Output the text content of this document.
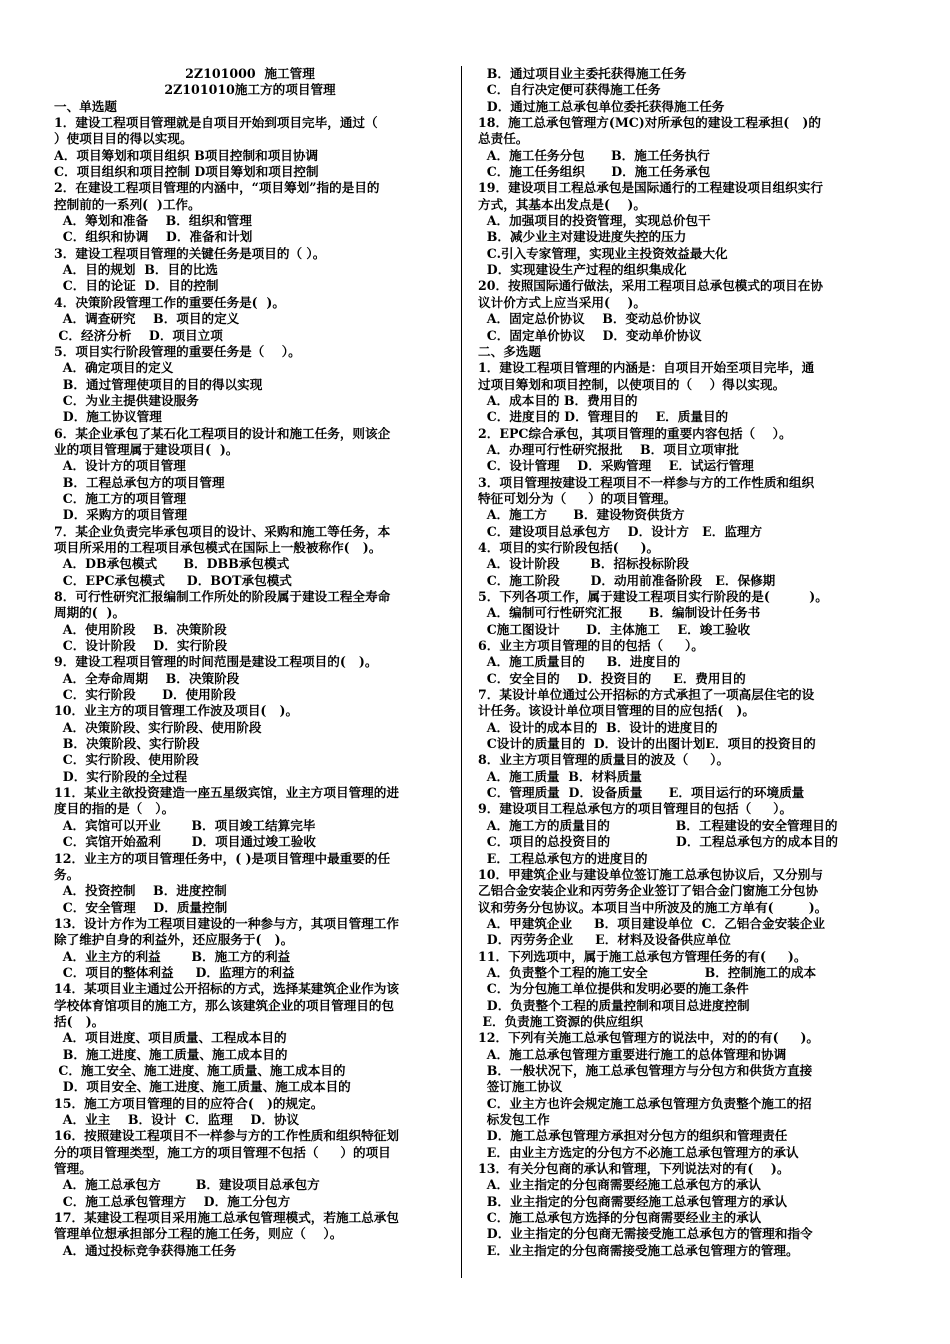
2Z101000  施工管理
2Z101010施工方的项目管理
一、单选题
1．建设工程项目管理就是自项目开始到项目完毕，通过（
）使项目目的得以实现。
A．项目筹划和项目组织 B项目控制和项目协调
C．项目组织和项目控制 D项目筹划和项目控制
2．在建设工程项目管理的内涵中，“项目筹划”指的是目的
控制前的一系列(  )工作。
A．筹划和准备    B．组织和管理
C．组织和协调    D．准备和计划
3．建设工程项目管理的关键任务是项目的（ ）。
A．目的规划  B．目的比选
C．目的论证  D．目的控制
4．决策阶段管理工作的重要任务是(  )。
A．调查研究    B．项目的定义
C．经济分析    D．项目立项
5．项目实行阶段管理的重要任务是（    ）。
A．确定项目的定义
B．通过管理使项目的目的得以实现
C．为业主提供建设服务
D．施工协议管理
6．某企业承包了某石化工程项目的设计和施工任务，则该企
业的项目管理属于建设项目(  )。
A．设计方的项目管理
B．工程总承包方的项目管理
C．施工方的项目管理
D．采购方的项目管理
7．某企业负责完毕承包项目的设计、采购和施工等任务，本
项目所采用的工程项目承包模式在国际上一般被称作(   )。
A．DB承包模式      B．DBB承包模式
C．EPC承包模式     D．BOT承包模式
8．可行性研究汇报编制工作所处的阶段属于建设工程全寿命
周期的(  )。
A．使用阶段    B．决策阶段
C．设计阶段    D．实行阶段
9．建设工程项目管理的时间范围是建设工程项目的(   )。
A．全寿命周期    B．决策阶段
C．实行阶段      D．使用阶段
10．业主方的项目管理工作波及项目(   )。
A．决策阶段、实行阶段、使用阶段
B．决策阶段、实行阶段
C．实行阶段、使用阶段
D．实行阶段的全过程
11．某业主欲投资建造一座五星级宾馆，业主方项目管理的进
度目的指的是（   ）。
A．宾馆可以开业       B．项目竣工结算完毕
C．宾馆开始盈利       D．项目通过竣工验收
12．业主方的项目管理任务中，( )是项目管理中最重要的任
务。
A．投资控制    B．进度控制
C．安全管理    D．质量控制
13．设计方作为工程项目建设的一种参与方，其项目管理工作
除了维护自身的利益外，还应服务于(   )。
A．业主方的利益       B．施工方的利益
C．项目的整体利益     D．监理方的利益
14．某项目业主通过公开招标的方式，选择某建筑企业作为该
学校体育馆项目的施工方，那么该建筑企业的项目管理目的包
括(   )。
A．项目进度、项目质量、工程成本目的
B．施工进度、施工质量、施工成本目的
C．施工安全、施工进度、施工质量、施工成本目的
D．项目安全、施工进度、施工质量、施工成本目的
15．施工方项目管理的目的应符合(   )的规定。
A．业主    B．设计  C．监理    D．协议
16．按照建设工程项目不一样参与方的工作性质和组织特征划
分的项目管理类型，施工方的项目管理不包括（     ）的项目
管理。
A．施工总承包方        B．建设项目总承包方
C．施工总承包管理方    D．施工分包方
17．某建设工程项目采用施工总承包管理模式，若施工总承包
管理单位想承担部分工程的施工任务，则应（    ）。
A．通过投标竞争获得施工任务
B．通过项目业主委托获得施工任务
C．自行决定便可获得施工任务
D．通过施工总承包单位委托获得施工任务
18．施工总承包管理方(MC)对所承包的建设工程承担(   )的
总责任。
A．施工任务分包      B．施工任务执行
C．施工任务组织      D．施工任务承包
19．建设项目工程总承包是国际通行的工程建设项目组织实行
方式，其基本出发点是(    )。
A．加强项目的投资管理，实现总价包干
B．减少业主对建设进度失控的压力
C.引入专家管理，实现业主投资效益最大化
D．实现建设生产过程的组织集成化
20．按照国际通行做法，采用工程项目总承包模式的项目在协
议计价方式上应当采用(    )。
A．固定总价协议    B．变动总价协议
C．固定单价协议    D．变动单价协议
二、多选题
1．建设工程项目管理的内涵是：自项目开始至项目完毕，通
过项目筹划和项目控制，以使项目的（    ）得以实现。
A．成本目的 B．费用目的
C．进度目的 D．管理目的    E．质量目的
2．EPC综合承包，其项目管理的重要内容包括（    ）。
A．办理可行性研究报批    B．项目立项审批
C．设计管理    D．采购管理    E．试运行管理
3．项目管理按建设工程项目不一样参与方的工作性质和组织
特征可划分为（     ）的项目管理。
A．施工方      B．建设物资供货方
C．建设项目总承包方    D．设计方   E．监理方
4．项目的实行阶段包括(     )。
A．设计阶段       B．招标投标阶段
C．施工阶段       D．动用前准备阶段   E．保修期
5．下列各项工作，属于建设工程项目实行阶段的是(         )。
A．编制可行性研究汇报      B．编制设计任务书
C施工图设计      D．主体施工    E．竣工验收
6．业主方项目管理的目的包括（     ）。
A．施工质量目的     B．进度目的
C．安全目的    D．投资目的     E．费用目的
7．某设计单位通过公开招标的方式承担了一项高层住宅的设
计任务。该设计单位项目管理的目的应包括(   )。
A．设计的成本目的  B．设计的进度目的
C设计的质量目的  D．设计的出图计划E．项目的投资目的
8．业主方项目管理的质量目的波及（     ）。
A．施工质量  B．材料质量
C．管理质量  D．设备质量      E．项目运行的环境质量
9．建设项目工程总承包方的项目管理目的包括（     ）。
A．施工方的质量目的               B．工程建设的安全管理目的
C．项目的总投资目的               D．工程总承包方的成本目的
E．工程总承包方的进度目的
10．甲建筑企业与建设单位签订施工总承包协议后，又分别与
乙铝合金安装企业和丙劳务企业签订了铝合金门窗施工分包协
议和劳务分包协议。本项目当中所波及的施工方单有(        )。
A．甲建筑企业     B．项目建设单位  C．乙铝合金安装企业
D．丙劳务企业     E．材料及设备供应单位
11．下列选项中，属于施工总承包方管理任务的有(     )。
A．负责整个工程的施工安全             B．控制施工的成本
C．为分包施工单位提供和发明必要的施工条件
D．负责整个工程的质量控制和项目总进度控制
E．负责施工资源的供应组织
12．下列有关施工总承包管理方的说法中，对的的有(     )。
A．施工总承包管理方重要进行施工的总体管理和协调
B．一般状况下，施工总承包管理方与分包方和供货方直接
签订施工协议
C．业主方也许会规定施工总承包管理方负责整个施工的招
标发包工作
D．施工总承包管理方承担对分包方的组织和管理责任
E．由业主方选定的分包方不必施工总承包管理方的承认
13．有关分包商的承认和管理，下列说法对的有(    )。
A．业主指定的分包商需要经施工总承包方的承认
B．业主指定的分包商需要经施工总承包管理方的承认
C．施工总承包方选择的分包商需要经业主的承认
D．业主指定的分包商无需接受施工总承包方的管理和指令
E．业主指定的分包商需接受施工总承包管理方的管理。
